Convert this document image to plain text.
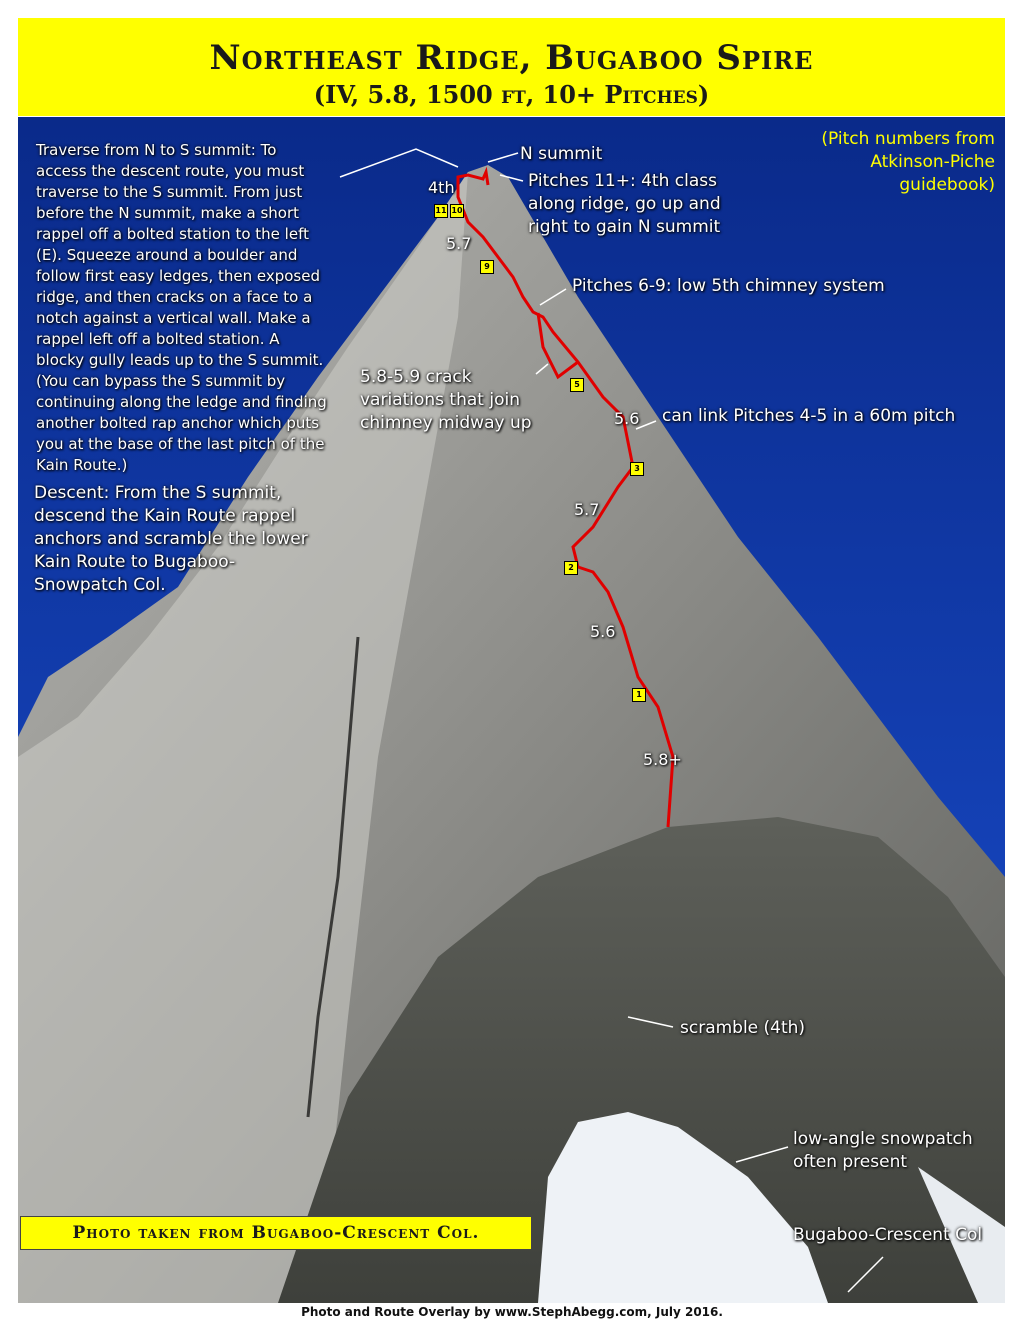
Northeast Ridge, Bugaboo Spire

(IV, 5.8, 1500 ft, 10+ Pitches)

Traverse from N to S summit: To access the descent route, you must traverse to the S summit. From just before the N summit, make a short rappel off a bolted station to the left (E). Squeeze around a boulder and follow first easy ledges, then exposed ridge, and then cracks on a face to a notch against a vertical wall. Make a rappel left off a bolted station. A blocky gully leads up to the S summit. (You can bypass the S summit by continuing along the ledge and finding another bolted rap anchor which puts you at the base of the last pitch of the Kain Route.)
Descent: From the S summit, descend the Kain Route rappel anchors and scramble the lower Kain Route to Bugaboo-Snowpatch Col.
(Pitch numbers from Atkinson-Piche guidebook)
N summit
Pitches 11+: 4th class along ridge, go up and right to gain N summit
Pitches 6-9: low 5th chimney system
5.8-5.9 crack variations that join chimney midway up	can link Pitches 4-5 in a 60m pitch
scramble (4th)
low-angle snowpatch often present
Bugaboo-Crescent Col
4th
5.7
5.6
5.7
5.6
5.8+
11 10
9
5
3
2
1
Photo taken from Bugaboo-Crescent Col.
Photo and Route Overlay by www.StephAbegg.com, July 2016.
